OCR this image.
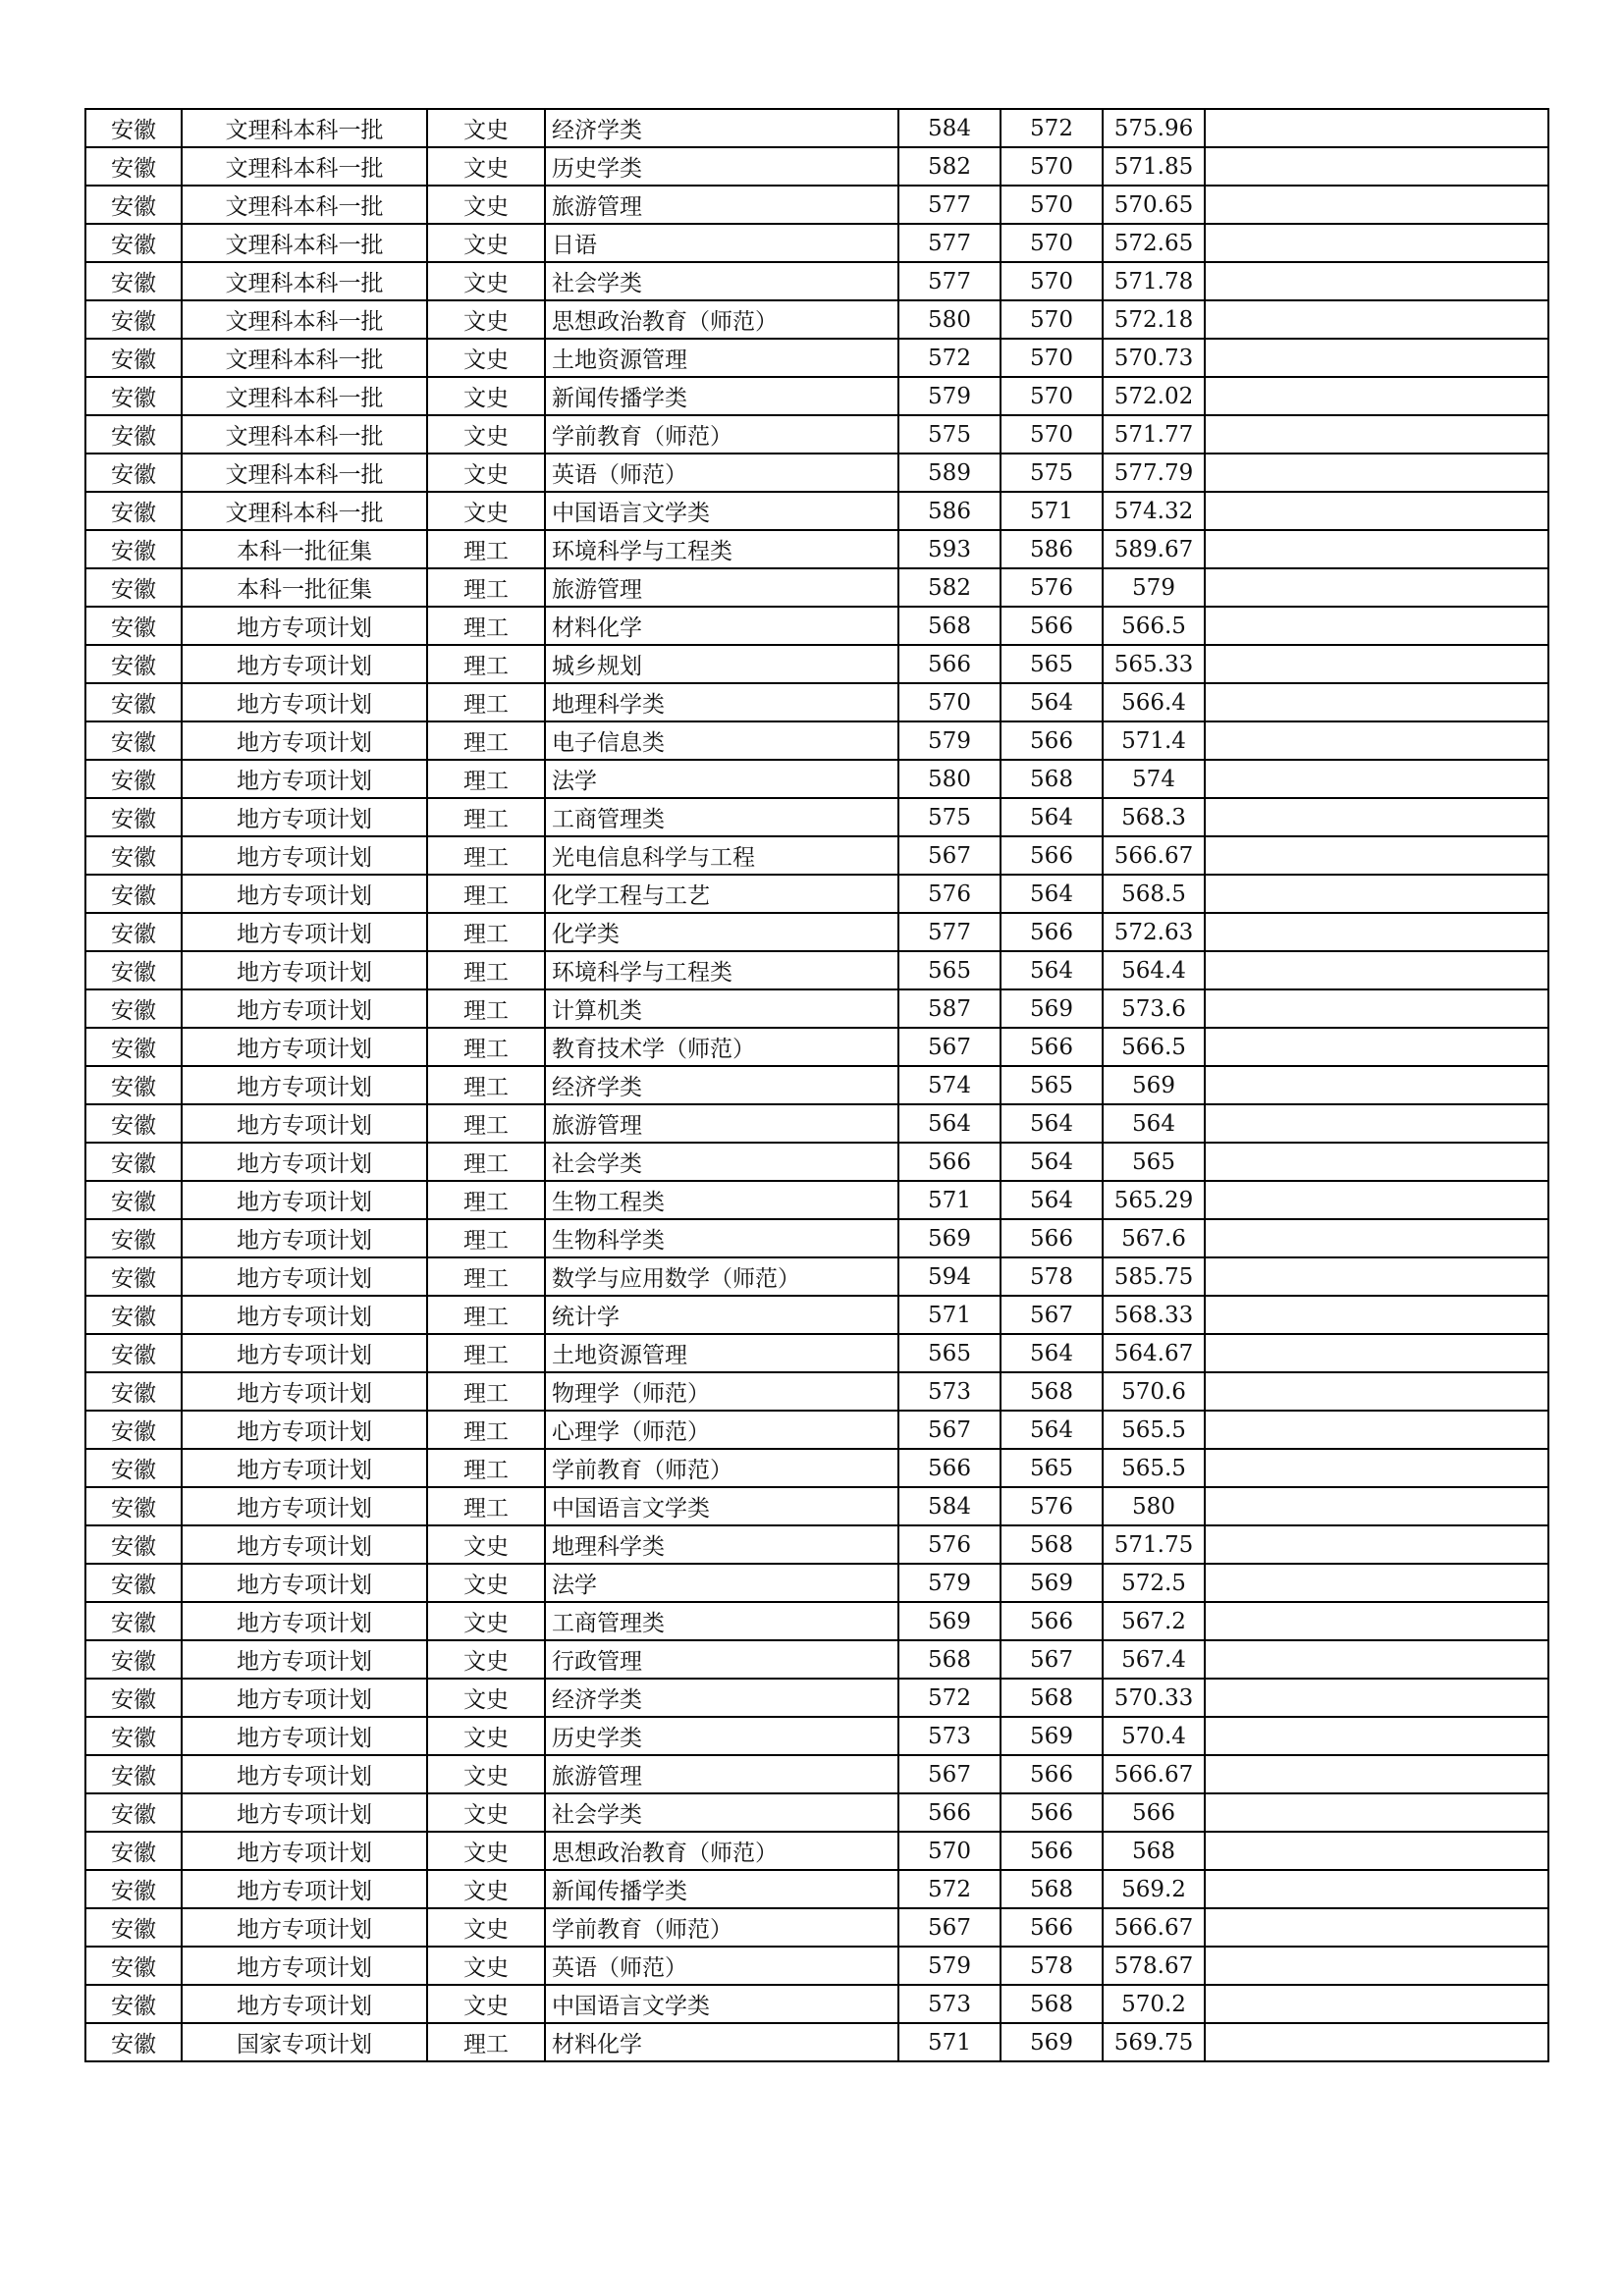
安徽	文理科本科一批	文史	经济学类	584	572	575.96	
安徽	文理科本科一批	文史	历史学类	582	570	571.85	
安徽	文理科本科一批	文史	旅游管理	577	570	570.65	
安徽	文理科本科一批	文史	日语	577	570	572.65	
安徽	文理科本科一批	文史	社会学类	577	570	571.78	
安徽	文理科本科一批	文史	思想政治教育（师范）	580	570	572.18	
安徽	文理科本科一批	文史	土地资源管理	572	570	570.73	
安徽	文理科本科一批	文史	新闻传播学类	579	570	572.02	
安徽	文理科本科一批	文史	学前教育（师范）	575	570	571.77	
安徽	文理科本科一批	文史	英语（师范）	589	575	577.79	
安徽	文理科本科一批	文史	中国语言文学类	586	571	574.32	
安徽	本科一批征集	理工	环境科学与工程类	593	586	589.67	
安徽	本科一批征集	理工	旅游管理	582	576	579	
安徽	地方专项计划	理工	材料化学	568	566	566.5	
安徽	地方专项计划	理工	城乡规划	566	565	565.33	
安徽	地方专项计划	理工	地理科学类	570	564	566.4	
安徽	地方专项计划	理工	电子信息类	579	566	571.4	
安徽	地方专项计划	理工	法学	580	568	574	
安徽	地方专项计划	理工	工商管理类	575	564	568.3	
安徽	地方专项计划	理工	光电信息科学与工程	567	566	566.67	
安徽	地方专项计划	理工	化学工程与工艺	576	564	568.5	
安徽	地方专项计划	理工	化学类	577	566	572.63	
安徽	地方专项计划	理工	环境科学与工程类	565	564	564.4	
安徽	地方专项计划	理工	计算机类	587	569	573.6	
安徽	地方专项计划	理工	教育技术学（师范）	567	566	566.5	
安徽	地方专项计划	理工	经济学类	574	565	569	
安徽	地方专项计划	理工	旅游管理	564	564	564	
安徽	地方专项计划	理工	社会学类	566	564	565	
安徽	地方专项计划	理工	生物工程类	571	564	565.29	
安徽	地方专项计划	理工	生物科学类	569	566	567.6	
安徽	地方专项计划	理工	数学与应用数学（师范）	594	578	585.75	
安徽	地方专项计划	理工	统计学	571	567	568.33	
安徽	地方专项计划	理工	土地资源管理	565	564	564.67	
安徽	地方专项计划	理工	物理学（师范）	573	568	570.6	
安徽	地方专项计划	理工	心理学（师范）	567	564	565.5	
安徽	地方专项计划	理工	学前教育（师范）	566	565	565.5	
安徽	地方专项计划	理工	中国语言文学类	584	576	580	
安徽	地方专项计划	文史	地理科学类	576	568	571.75	
安徽	地方专项计划	文史	法学	579	569	572.5	
安徽	地方专项计划	文史	工商管理类	569	566	567.2	
安徽	地方专项计划	文史	行政管理	568	567	567.4	
安徽	地方专项计划	文史	经济学类	572	568	570.33	
安徽	地方专项计划	文史	历史学类	573	569	570.4	
安徽	地方专项计划	文史	旅游管理	567	566	566.67	
安徽	地方专项计划	文史	社会学类	566	566	566	
安徽	地方专项计划	文史	思想政治教育（师范）	570	566	568	
安徽	地方专项计划	文史	新闻传播学类	572	568	569.2	
安徽	地方专项计划	文史	学前教育（师范）	567	566	566.67	
安徽	地方专项计划	文史	英语（师范）	579	578	578.67	
安徽	地方专项计划	文史	中国语言文学类	573	568	570.2	
安徽	国家专项计划	理工	材料化学	571	569	569.75	
